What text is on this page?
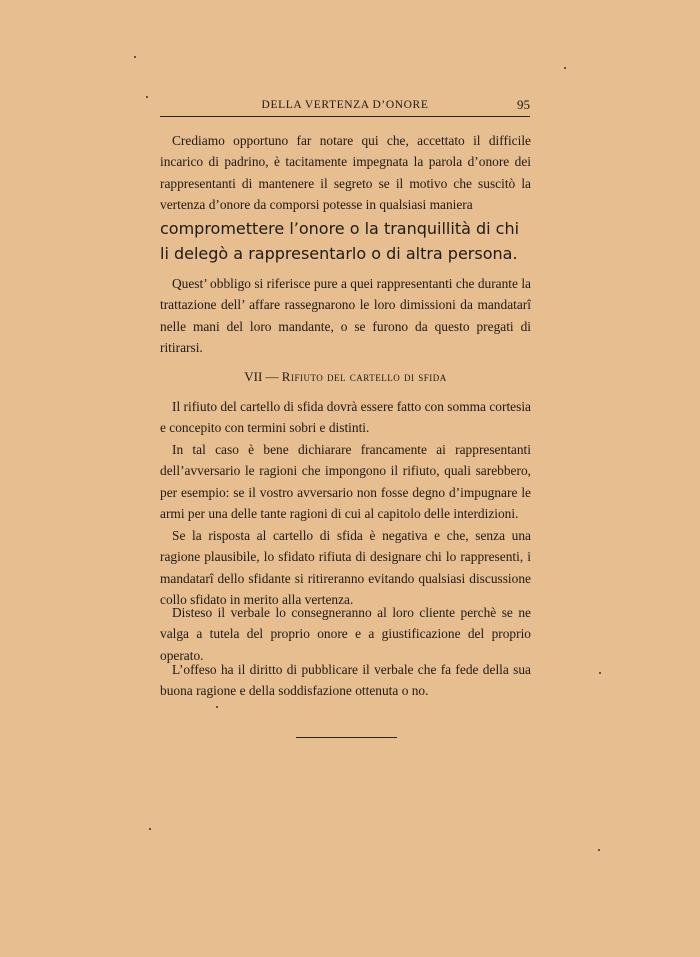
DELLA VERTENZA D’ONORE	95

Crediamo opportuno far notare qui che, accettato il difficile incarico di padrino, è tacitamente impegnata la parola d’onore dei rappresentanti di mantenere il segreto se il motivo che suscitò la vertenza d’onore da comporsi potesse in qualsiasi maniera

compromettere l’onore o la tranquillità di chi li delegò a rappresentarlo o di altra persona.

Quest’ obbligo si riferisce pure a quei rappresentanti che durante la trattazione dell’ affare rassegnarono le loro dimissioni da mandatarî nelle mani del loro mandante, o se furono da questo pregati di ritirarsi.

VII — Rifiuto del cartello di sfida

Il rifiuto del cartello di sfida dovrà essere fatto con somma cortesia e concepito con termini sobri e distinti.

In tal caso è bene dichiarare francamente ai rappresentanti dell’avversario le ragioni che impongono il rifiuto, quali sarebbero, per esempio: se il vostro avversario non fosse degno d’impugnare le armi per una delle tante ragioni di cui al capitolo delle interdizioni.

Se la risposta al cartello di sfida è negativa e che, senza una ragione plausibile, lo sfidato rifiuta di designare chi lo rappresenti, i mandatarî dello sfidante si ritireranno evitando qualsiasi discussione collo sfidato in merito alla vertenza.

Disteso il verbale lo consegneranno al loro cliente perchè se ne valga a tutela del proprio onore e a giustificazione del proprio operato.

L’offeso ha il diritto di pubblicare il verbale che fa fede della sua buona ragione e della soddisfazione ottenuta o no.
